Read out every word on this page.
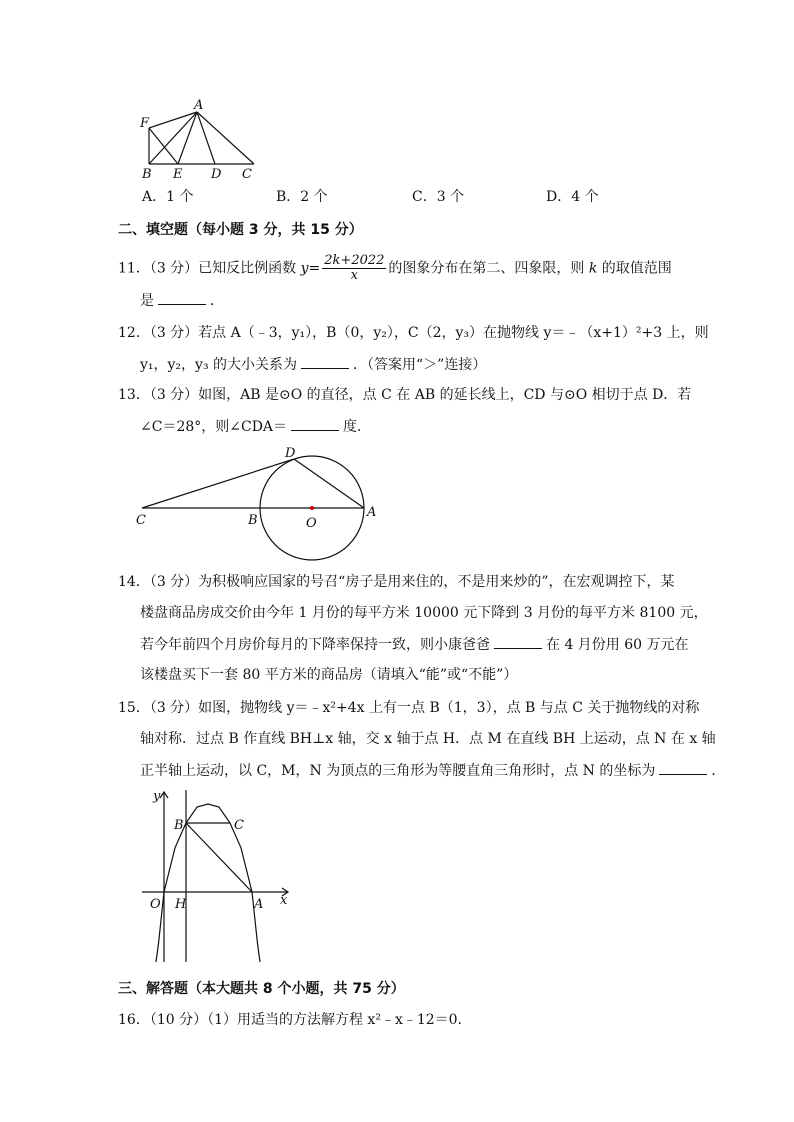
A
F
B E D C
A．1 个	B．2 个	C．3 个	D．4 个
二、填空题（每小题 3 分，共 15 分）
11．（3 分）已知反比例函数 $y= \frac{2k+2022}{x}$ 的图象分布在第二、四象限，则 k 的取值范围
是	．
12．（3 分）若点 A（﹣3，y₁），B（0，y₂），C（2，y₃）在抛物线 y＝﹣（x+1）²+3 上，则
y₁，y₂，y₃ 的大小关系为	．（答案用“＞”连接）
13．（3 分）如图，AB 是⊙O 的直径，点 C 在 AB 的延长线上，CD 与⊙O 相切于点 D．若
∠C＝28°，则∠CDA＝	度．
D
C	B	O
A
14．（3 分）为积极响应国家的号召“房子是用来住的，不是用来炒的”，在宏观调控下，某
楼盘商品房成交价由今年 1 月份的每平方米 10000 元下降到 3 月份的每平方米 8100 元，
若今年前四个月房价每月的下降率保持一致，则小康爸爸	在 4 月份用 60 万元在
该楼盘买下一套 80 平方米的商品房（请填入“能”或“不能”）
15．（3 分）如图，抛物线 y＝﹣x²+4x 上有一点 B（1，3），点 B 与点 C 关于抛物线的对称
轴对称．过点 B 作直线 BH⊥x 轴，交 x 轴于点 H．点 M 在直线 BH 上运动，点 N 在 x 轴
正半轴上运动，以 C，M，N 为顶点的三角形为等腰直角三角形时，点 N 的坐标为	．
y
x
B	C
O H	A
三、解答题（本大题共 8 个小题，共 75 分）
16．（10 分）（1）用适当的方法解方程 x²﹣x﹣12＝0．
